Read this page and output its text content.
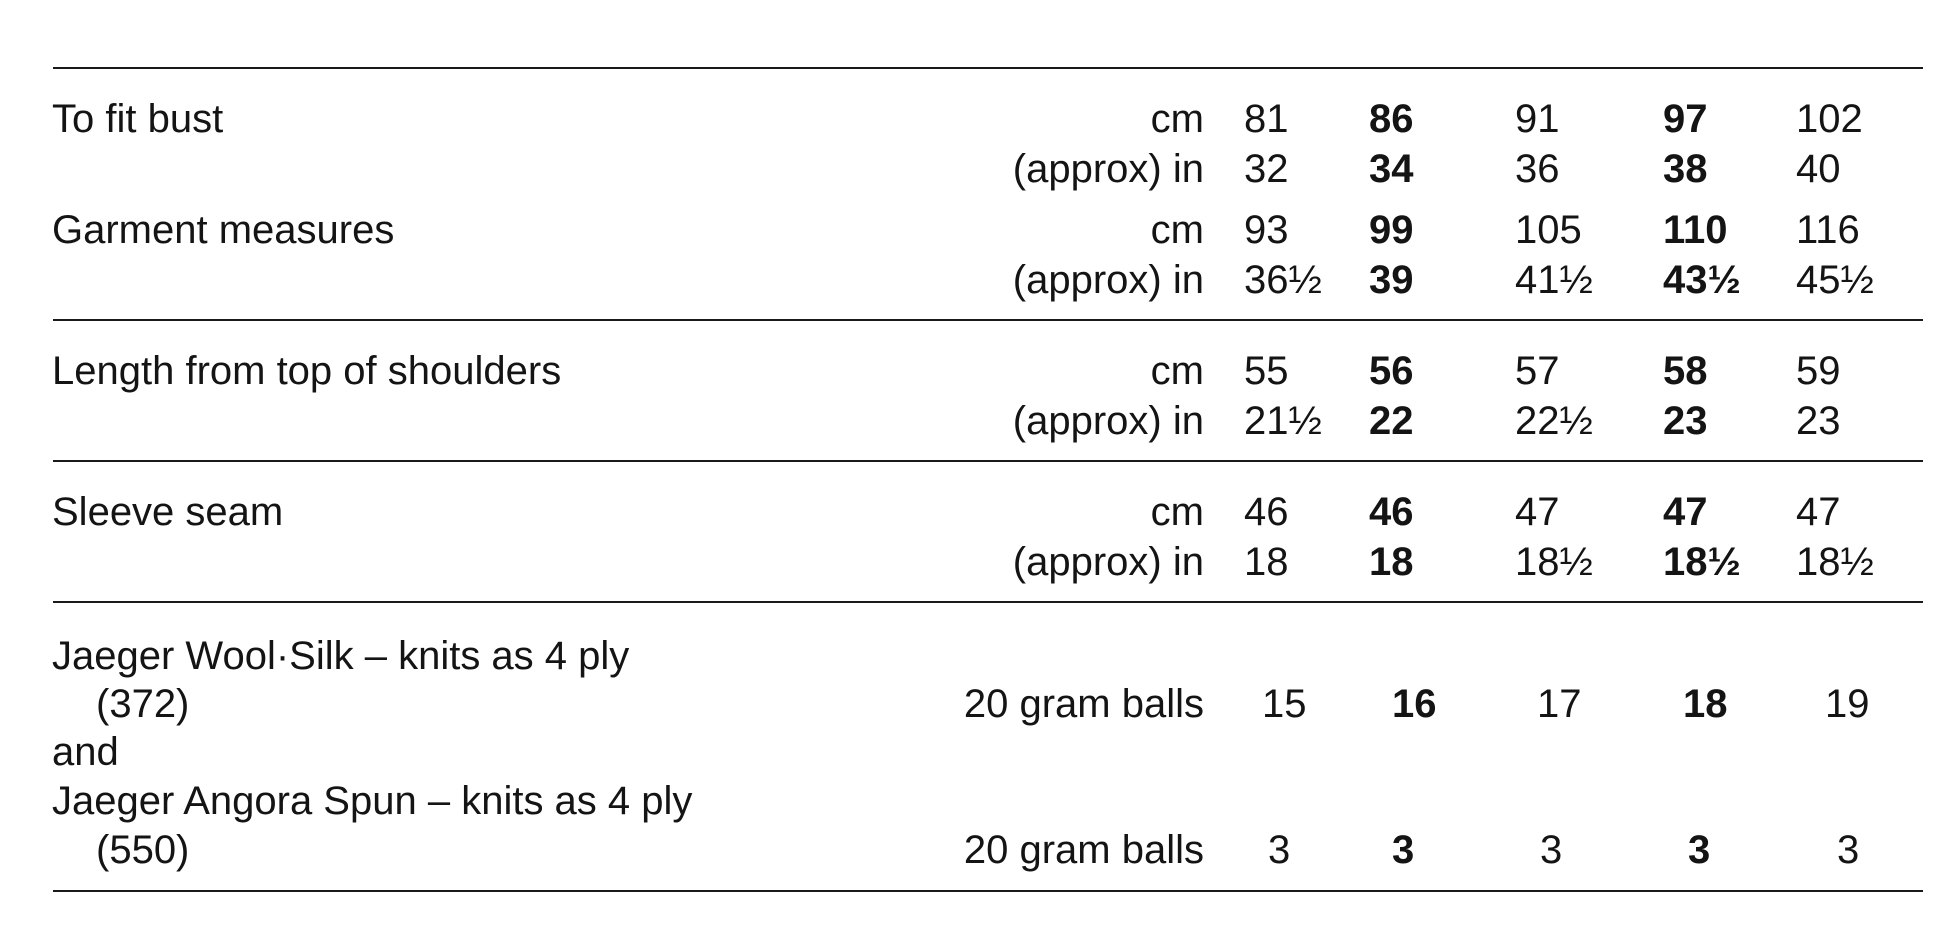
To fit bust	cm 81 86	91	97 102
(approx) in 32 34	36	38 40
Garment measures	cm 93 99	105 110 116
(approx) in 36½ 39	41½ 43½ 45½
Length from top of shoulders	cm 55 56	57	58 59
(approx) in 21½ 22	22½ 23 23
Sleeve seam	cm 46 46	47	47 47
(approx) in 18 18	18½ 18½ 18½
Jaeger Wool·Silk – knits as 4 ply
(372)	20 gram balls 15 16	17	18 19
and
Jaeger Angora Spun – knits as 4 ply
(550)	20 gram balls 3	3	3	3	3
